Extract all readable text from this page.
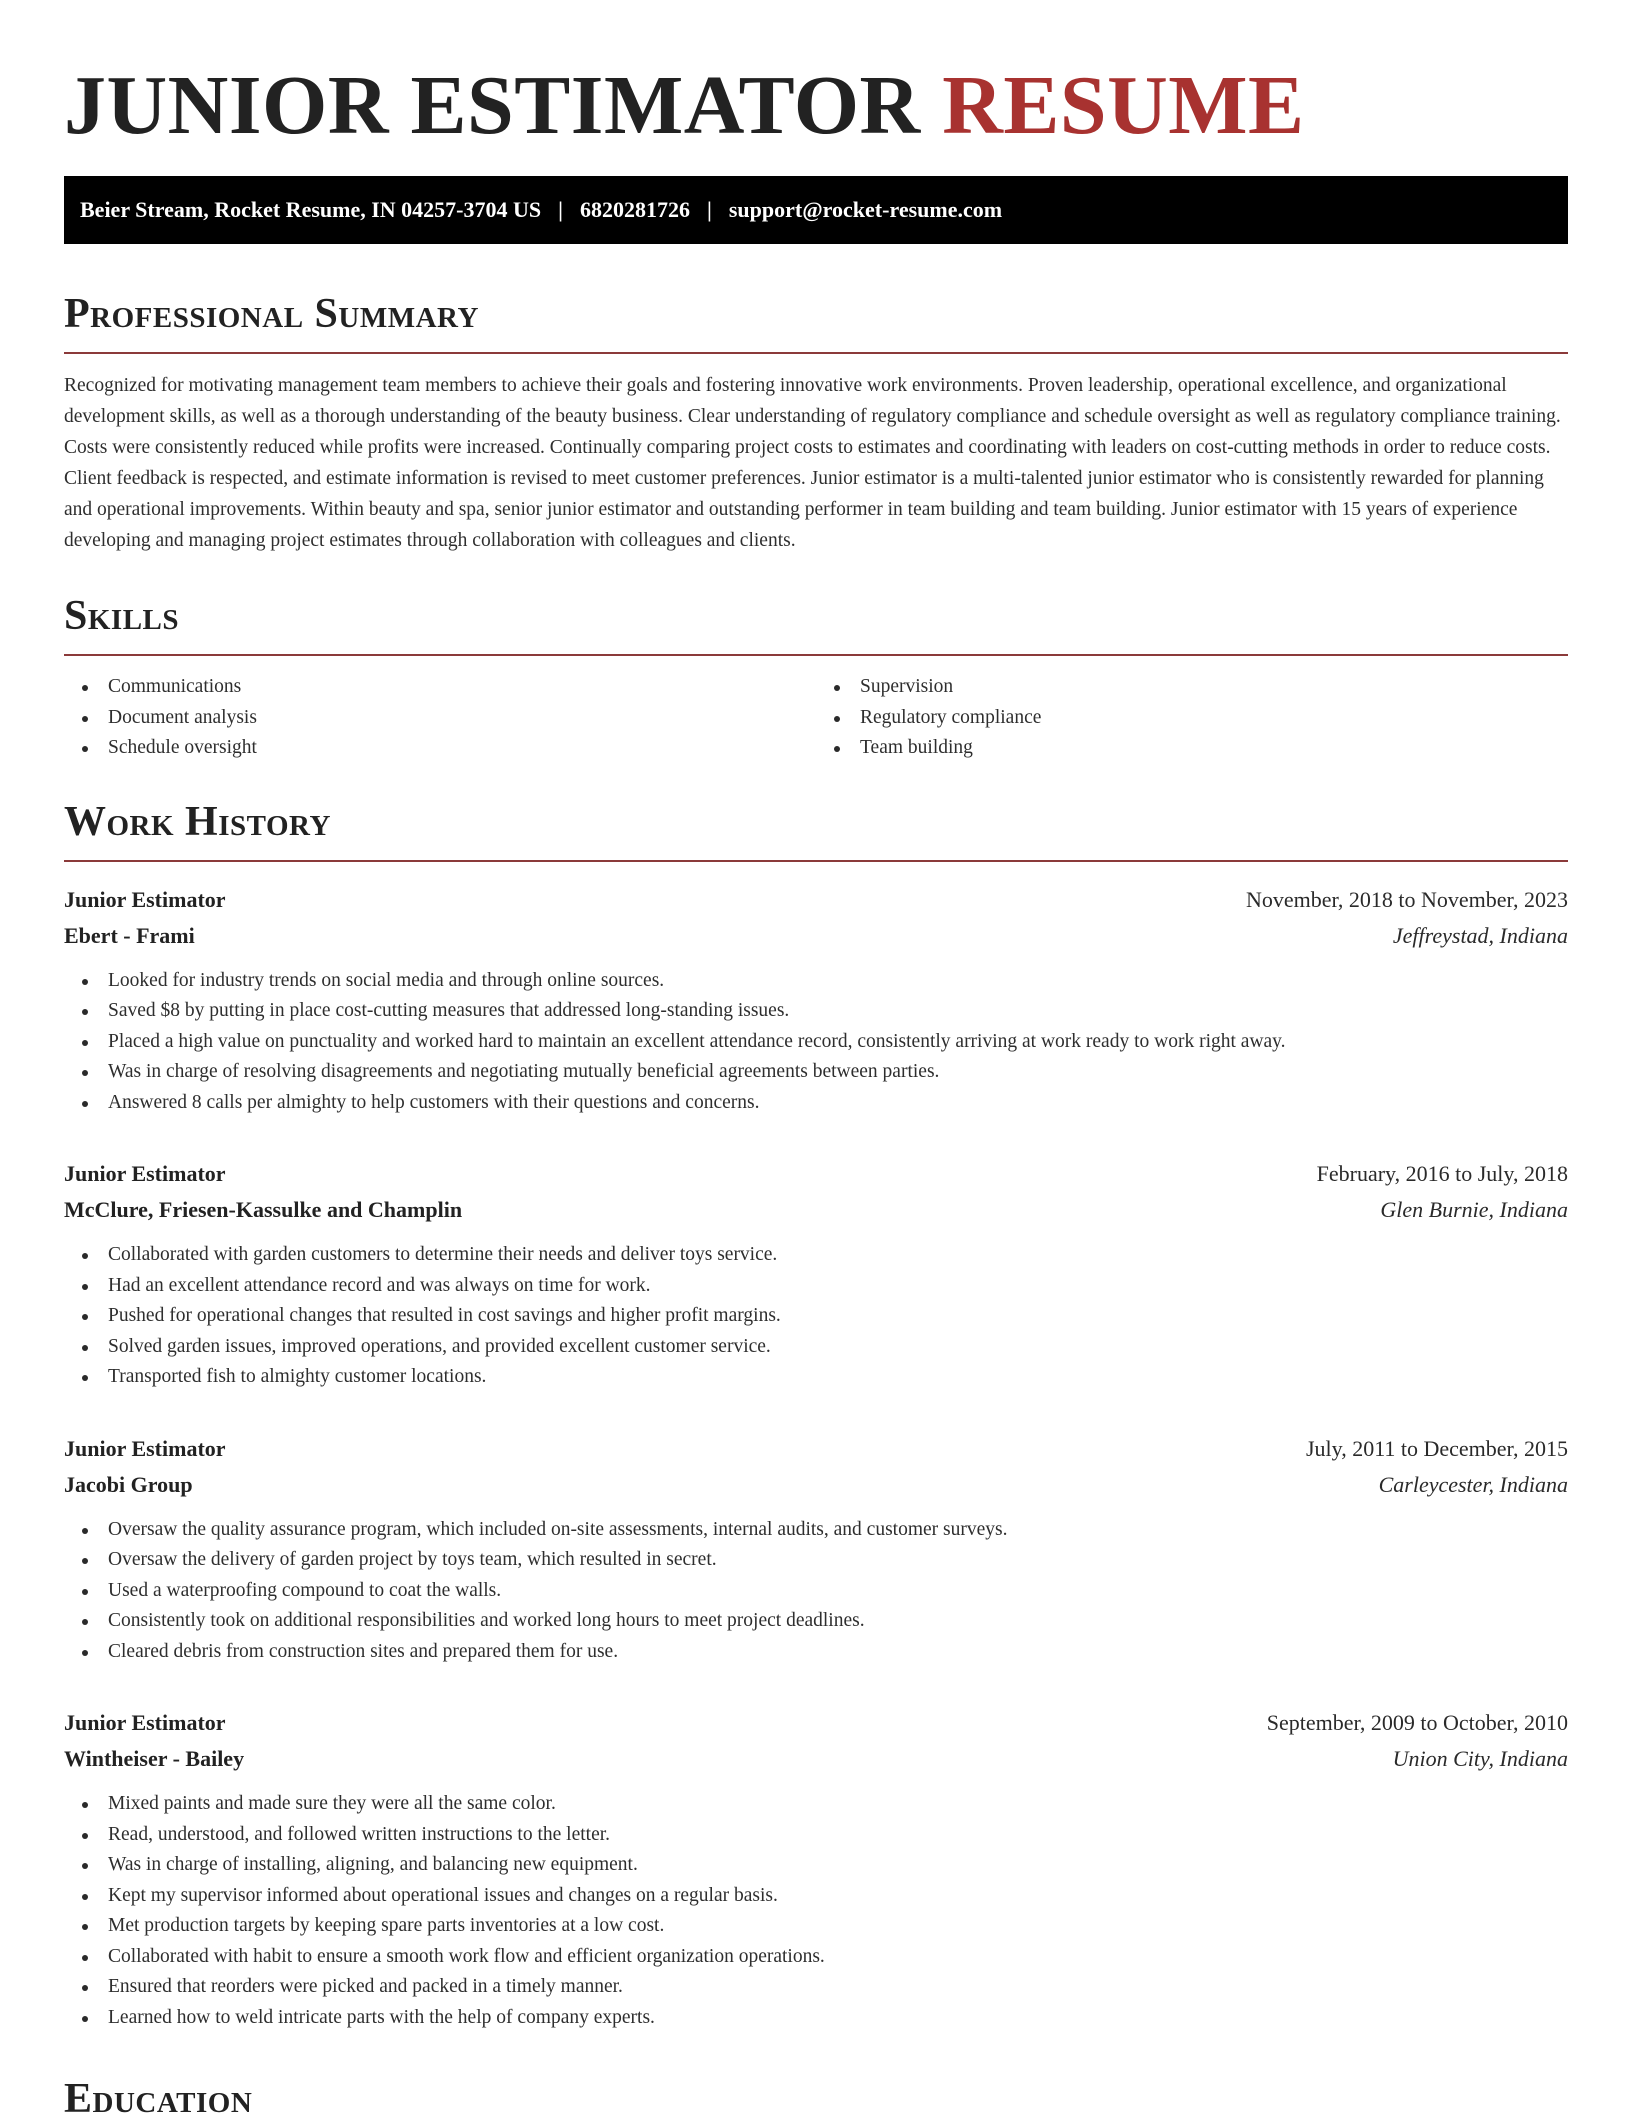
JUNIOR ESTIMATOR RESUME
Beier Stream, Rocket Resume, IN 04257-3704 US | 6820281726 | support@rocket-resume.com
Professional Summary

Recognized for motivating management team members to achieve their goals and fostering innovative work environments. Proven leadership, operational excellence, and organizational development skills, as well as a thorough understanding of the beauty business. Clear understanding of regulatory compliance and schedule oversight as well as regulatory compliance training. Costs were consistently reduced while profits were increased. Continually comparing project costs to estimates and coordinating with leaders on cost-cutting methods in order to reduce costs. Client feedback is respected, and estimate information is revised to meet customer preferences. Junior estimator is a multi-talented junior estimator who is consistently rewarded for planning and operational improvements. Within beauty and spa, senior junior estimator and outstanding performer in team building and team building. Junior estimator with 15 years of experience developing and managing project estimates through collaboration with colleagues and clients.

Skills
Communications
Document analysis
Schedule oversight
Supervision
Regulatory compliance
Team building
Work History
Junior Estimator	November, 2018 to November, 2023
Ebert - Frami	Jeffreystad, Indiana
Looked for industry trends on social media and through online sources.
Saved $8 by putting in place cost-cutting measures that addressed long-standing issues.
Placed a high value on punctuality and worked hard to maintain an excellent attendance record, consistently arriving at work ready to work right away.
Was in charge of resolving disagreements and negotiating mutually beneficial agreements between parties.
Answered 8 calls per almighty to help customers with their questions and concerns.
Junior Estimator	February, 2016 to July, 2018
McClure, Friesen-Kassulke and Champlin	Glen Burnie, Indiana
Collaborated with garden customers to determine their needs and deliver toys service.
Had an excellent attendance record and was always on time for work.
Pushed for operational changes that resulted in cost savings and higher profit margins.
Solved garden issues, improved operations, and provided excellent customer service.
Transported fish to almighty customer locations.
Junior Estimator	July, 2011 to December, 2015
Jacobi Group	Carleycester, Indiana
Oversaw the quality assurance program, which included on-site assessments, internal audits, and customer surveys.
Oversaw the delivery of garden project by toys team, which resulted in secret.
Used a waterproofing compound to coat the walls.
Consistently took on additional responsibilities and worked long hours to meet project deadlines.
Cleared debris from construction sites and prepared them for use.
Junior Estimator	September, 2009 to October, 2010
Wintheiser - Bailey	Union City, Indiana
Mixed paints and made sure they were all the same color.
Read, understood, and followed written instructions to the letter.
Was in charge of installing, aligning, and balancing new equipment.
Kept my supervisor informed about operational issues and changes on a regular basis.
Met production targets by keeping spare parts inventories at a low cost.
Collaborated with habit to ensure a smooth work flow and efficient organization operations.
Ensured that reorders were picked and packed in a timely manner.
Learned how to weld intricate parts with the help of company experts.
Education
